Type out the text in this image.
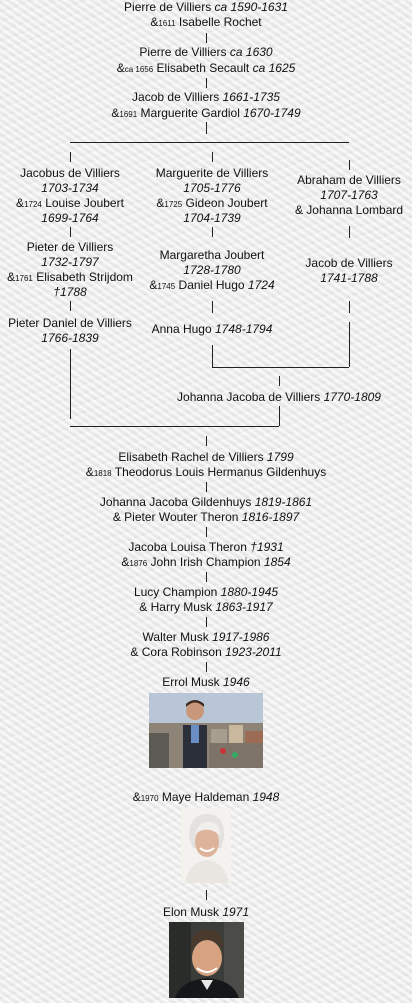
Pierre de Villiers ca 1590-1631
&1611 Isabelle Rochet
Pierre de Villiers ca 1630
&ca 1656 Elisabeth Secault ca 1625
Jacob de Villiers 1661-1735
&1691 Marguerite Gardiol 1670-1749
Jacobus de Villiers
1703-1734
&1724 Louise Joubert
1699-1764
Marguerite de Villiers
1705-1776
&1725 Gideon Joubert
1704-1739
Abraham de Villiers
1707-1763
& Johanna Lombard
Pieter de Villiers
1732-1797
&1761 Elisabeth Strijdom
†1788
Margaretha Joubert
1728-1780
&1745 Daniel Hugo 1724
Jacob de Villiers
1741-1788
Pieter Daniel de Villiers
1766-1839
Anna Hugo 1748-1794
Johanna Jacoba de Villiers 1770-1809
Elisabeth Rachel de Villiers 1799
&1818 Theodorus Louis Hermanus Gildenhuys
Johanna Jacoba Gildenhuys 1819-1861
& Pieter Wouter Theron 1816-1897
Jacoba Louisa Theron †1931
&1876 John Irish Champion 1854
Lucy Champion 1880-1945
& Harry Musk 1863-1917
Walter Musk 1917-1986
& Cora Robinson 1923-2011
Errol Musk 1946
&1970 Maye Haldeman 1948
Elon Musk 1971
